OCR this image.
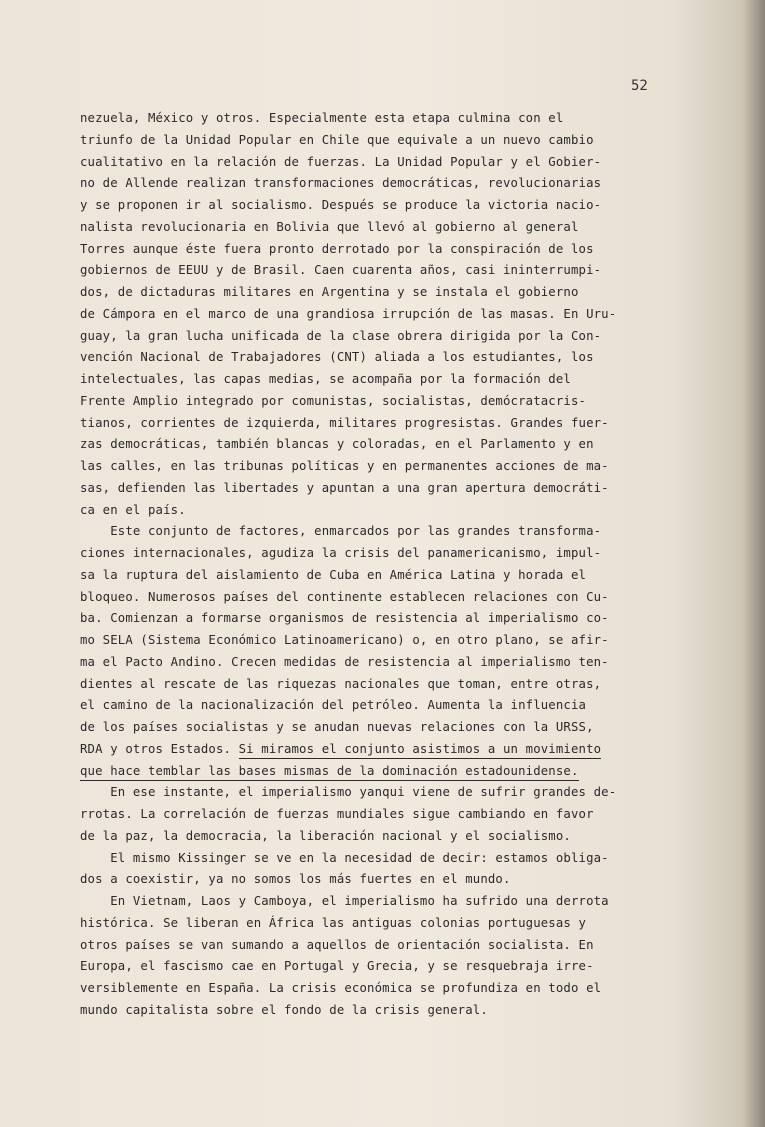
52
nezuela, México y otros. Especialmente esta etapa culmina con el
triunfo de la Unidad Popular en Chile que equivale a un nuevo cambio
cualitativo en la relación de fuerzas. La Unidad Popular y el Gobier-
no de Allende realizan transformaciones democráticas, revolucionarias
y se proponen ir al socialismo. Después se produce la victoria nacio-
nalista revolucionaria en Bolivia que llevó al gobierno al general
Torres aunque éste fuera pronto derrotado por la conspiración de los
gobiernos de EEUU y de Brasil. Caen cuarenta años, casi ininterrumpi-
dos, de dictaduras militares en Argentina y se instala el gobierno
de Cámpora en el marco de una grandiosa irrupción de las masas. En Uru-
guay, la gran lucha unificada de la clase obrera dirigida por la Con-
vención Nacional de Trabajadores (CNT) aliada a los estudiantes, los
intelectuales, las capas medias, se acompaña por la formación del
Frente Amplio integrado por comunistas, socialistas, demócratacris-
tianos, corrientes de izquierda, militares progresistas. Grandes fuer-
zas democráticas, también blancas y coloradas, en el Parlamento y en
las calles, en las tribunas políticas y en permanentes acciones de ma-
sas, defienden las libertades y apuntan a una gran apertura democráti-
ca en el país.
Este conjunto de factores, enmarcados por las grandes transforma-
ciones internacionales, agudiza la crisis del panamericanismo, impul-
sa la ruptura del aislamiento de Cuba en América Latina y horada el
bloqueo. Numerosos países del continente establecen relaciones con Cu-
ba. Comienzan a formarse organismos de resistencia al imperialismo co-
mo SELA (Sistema Económico Latinoamericano) o, en otro plano, se afir-
ma el Pacto Andino. Crecen medidas de resistencia al imperialismo ten-
dientes al rescate de las riquezas nacionales que toman, entre otras,
el camino de la nacionalización del petróleo. Aumenta la influencia
de los países socialistas y se anudan nuevas relaciones con la URSS,
RDA y otros Estados. Si miramos el conjunto asistimos a un movimiento
que hace temblar las bases mismas de la dominación estadounidense.
En ese instante, el imperialismo yanqui viene de sufrir grandes de-
rrotas. La correlación de fuerzas mundiales sigue cambiando en favor
de la paz, la democracia, la liberación nacional y el socialismo.
El mismo Kissinger se ve en la necesidad de decir: estamos obliga-
dos a coexistir, ya no somos los más fuertes en el mundo.
En Vietnam, Laos y Camboya, el imperialismo ha sufrido una derrota
histórica. Se liberan en África las antiguas colonias portuguesas y
otros países se van sumando a aquellos de orientación socialista. En
Europa, el fascismo cae en Portugal y Grecia, y se resquebraja irre-
versiblemente en España. La crisis económica se profundiza en todo el
mundo capitalista sobre el fondo de la crisis general.
